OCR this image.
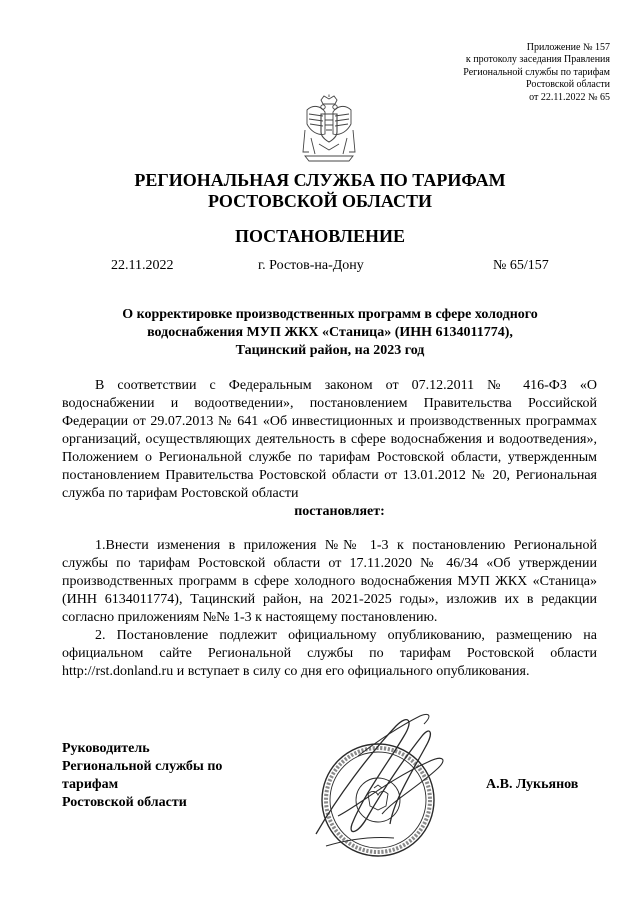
Приложение № 157
к протоколу заседания Правления
Региональной службы по тарифам
Ростовской области
от 22.11.2022 № 65
РЕГИОНАЛЬНАЯ СЛУЖБА ПО ТАРИФАМ
РОСТОВСКОЙ ОБЛАСТИ
ПОСТАНОВЛЕНИЕ
22.11.2022	г. Ростов-на-Дону	№ 65/157
О корректировке производственных программ в сфере холодного
водоснабжения МУП ЖКХ «Станица» (ИНН 6134011774),
Тацинский район, на 2023 год

В соответствии с Федеральным законом от 07.12.2011 № 416-ФЗ «О водоснабжении и водоотведении», постановлением Правительства Российской Федерации от 29.07.2013 № 641 «Об инвестиционных и производственных программах организаций, осуществляющих деятельность в сфере водоснабжения и водоотведения», Положением о Региональной службе по тарифам Ростовской области, утвержденным постановлением Правительства Ростовской области от 13.01.2012 № 20, Региональная служба по тарифам Ростовской области

постановляет:

1.Внести изменения в приложения №№ 1-3 к постановлению Региональной службы по тарифам Ростовской области от 17.11.2020 № 46/34 «Об утверждении производственных программ в сфере холодного водоснабжения МУП ЖКХ «Станица» (ИНН 6134011774), Тацинский район, на 2021-2025 годы», изложив их в редакции согласно приложениям №№ 1-3 к настоящему постановлению.

2. Постановление подлежит официальному опубликованию, размещению на официальном сайте Региональной службы по тарифам Ростовской области http://rst.donland.ru и вступает в силу со дня его официального опубликования.

Руководитель
Региональной службы по тарифам
Ростовской области
А.В. Лукьянов
